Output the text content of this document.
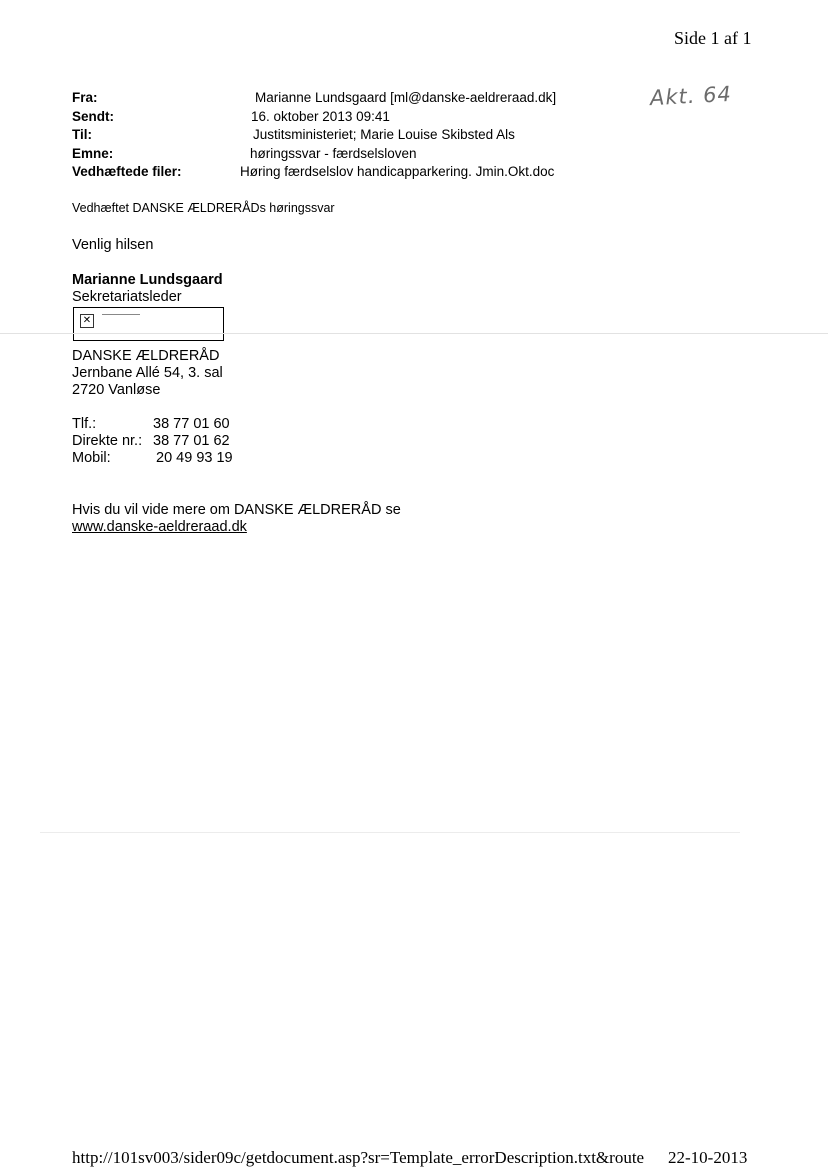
Side 1 af 1
Akt. 64
Fra:	Marianne Lundsgaard [ml@danske-aeldreraad.dk]
Sendt:	16. oktober 2013 09:41
Til:	Justitsministeriet; Marie Louise Skibsted Als
Emne:	høringssvar - færdselsloven
Vedhæftede filer:	Høring færdselslov handicapparkering. Jmin.Okt.doc
Vedhæftet DANSKE ÆLDRERÅDs høringssvar
Venlig hilsen
Marianne Lundsgaard
Sekretariatsleder
✕
DANSKE ÆLDRERÅD
Jernbane Allé 54, 3. sal
2720 Vanløse
Tlf.:	38 77 01 60
Direkte nr.: 38 77 01 62
Mobil:	20 49 93 19
Hvis du vil vide mere om DANSKE ÆLDRERÅD se
www.danske-aeldreraad.dk
http://101sv003/sider09c/getdocument.asp?sr=Template_errorDescription.txt&route 22-10-2013
